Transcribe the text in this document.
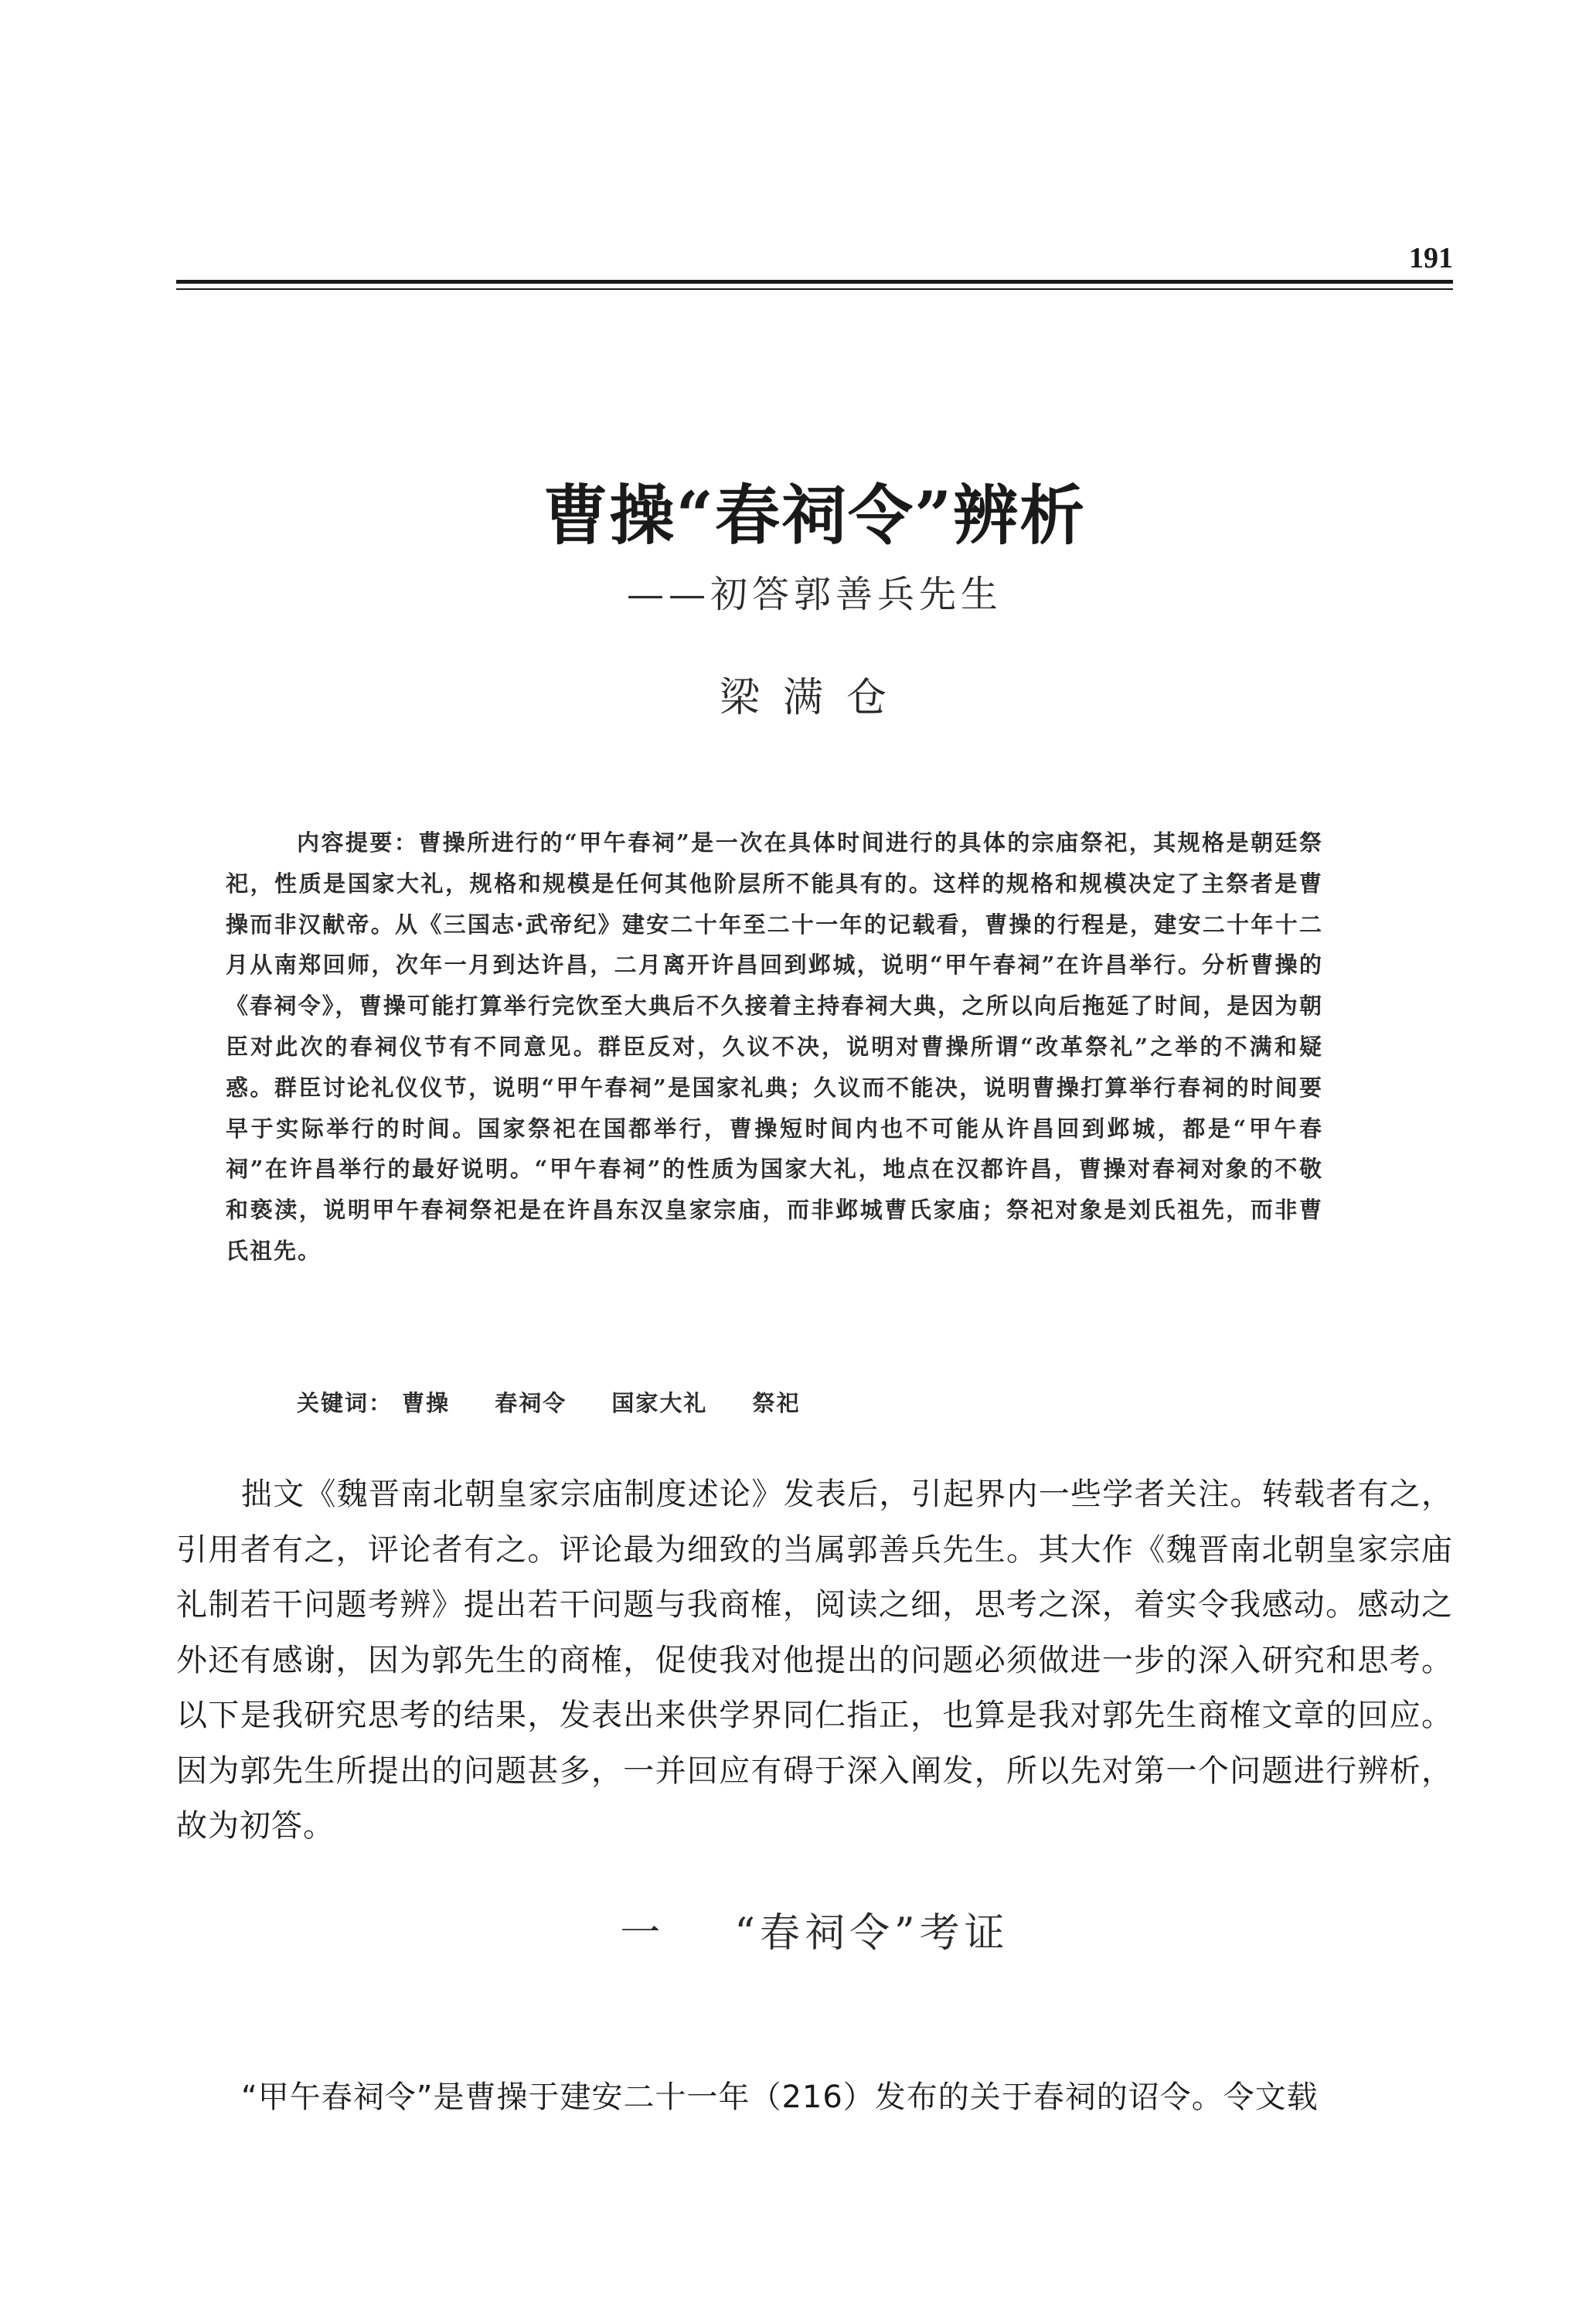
191
曹操“春祠令”辨析
——初答郭善兵先生
梁满仓
内容提要：曹操所进行的“甲午春祠”是一次在具体时间进行的具体的宗庙祭祀，其规格是朝廷祭祀，性质是国家大礼，规格和规模是任何其他阶层所不能具有的。这样的规格和规模决定了主祭者是曹操而非汉献帝。从《三国志·武帝纪》建安二十年至二十一年的记载看，曹操的行程是，建安二十年十二月从南郑回师，次年一月到达许昌，二月离开许昌回到邺城，说明“甲午春祠”在许昌举行。分析曹操的《春祠令》，曹操可能打算举行完饮至大典后不久接着主持春祠大典，之所以向后拖延了时间，是因为朝臣对此次的春祠仪节有不同意见。群臣反对，久议不决，说明对曹操所谓“改革祭礼”之举的不满和疑惑。群臣讨论礼仪仪节，说明“甲午春祠”是国家礼典；久议而不能决，说明曹操打算举行春祠的时间要早于实际举行的时间。国家祭祀在国都举行，曹操短时间内也不可能从许昌回到邺城，都是“甲午春祠”在许昌举行的最好说明。“甲午春祠”的性质为国家大礼，地点在汉都许昌，曹操对春祠对象的不敬和亵渎，说明甲午春祠祭祀是在许昌东汉皇家宗庙，而非邺城曹氏家庙；祭祀对象是刘氏祖先，而非曹氏祖先。
关键词： 曹操 春祠令 国家大礼 祭祀
拙文《魏晋南北朝皇家宗庙制度述论》发表后，引起界内一些学者关注。转载者有之，引用者有之，评论者有之。评论最为细致的当属郭善兵先生。其大作《魏晋南北朝皇家宗庙礼制若干问题考辨》提出若干问题与我商榷，阅读之细，思考之深，着实令我感动。感动之外还有感谢，因为郭先生的商榷，促使我对他提出的问题必须做进一步的深入研究和思考。以下是我研究思考的结果，发表出来供学界同仁指正，也算是我对郭先生商榷文章的回应。因为郭先生所提出的问题甚多，一并回应有碍于深入阐发，所以先对第一个问题进行辨析，故为初答。
一 “春祠令”考证
“甲午春祠令”是曹操于建安二十一年（216）发布的关于春祠的诏令。令文载
